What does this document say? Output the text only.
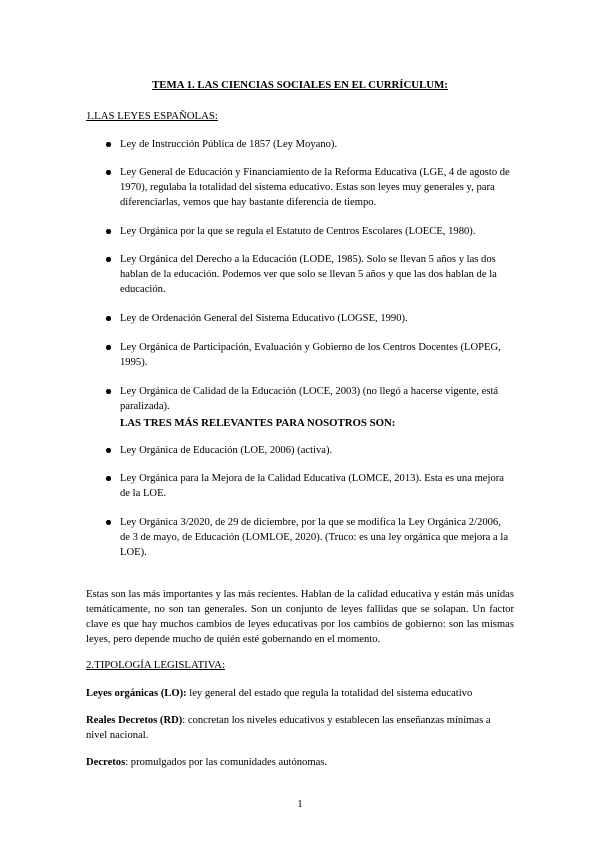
TEMA 1. LAS CIENCIAS SOCIALES EN EL CURRÍCULUM:
1.LAS LEYES ESPAÑOLAS:
Ley de Instrucción Pública de 1857 (Ley Moyano).
Ley General de Educación y Financiamiento de la Reforma Educativa (LGE, 4 de agosto de 1970), regulaba la totalidad del sistema educativo. Estas son leyes muy generales y, para diferenciarlas, vemos que hay bastante diferencia de tiempo.
Ley Orgánica por la que se regula el Estatuto de Centros Escolares (LOECE, 1980).
Ley Orgánica del Derecho a la Educación (LODE, 1985). Solo se llevan 5 años y las dos hablan de la educación. Podemos ver que solo se llevan 5 años y que las dos hablan de la educación.
Ley de Ordenación General del Sistema Educativo (LOGSE, 1990).
Ley Orgánica de Participación, Evaluación y Gobierno de los Centros Docentes (LOPEG, 1995).
Ley Orgánica de Calidad de la Educación (LOCE, 2003) (no llegó a hacerse vigente, está paralizada).

LAS TRES MÁS RELEVANTES PARA NOSOTROS SON:

Ley Orgánica de Educación (LOE, 2006) (activa).
Ley Orgánica para la Mejora de la Calidad Educativa (LOMCE, 2013). Esta es una mejora de la LOE.
Ley Orgánica 3/2020, de 29 de diciembre, por la que se modifica la Ley Orgánica 2/2006, de 3 de mayo, de Educación (LOMLOE, 2020). (Truco: es una ley orgánica que mejora a la LOE).

Estas son las más importantes y las más recientes. Hablan de la calidad educativa y están más unidas temáticamente, no son tan generales. Son un conjunto de leyes fallidas que se solapan. Un factor clave es que hay muchos cambios de leyes educativas por los cambios de gobierno: son las mismas leyes, pero depende mucho de quién esté gobernando en el momento.

2.TIPOLOGÍA LEGISLATIVA:

Leyes orgánicas (LO): ley general del estado que regula la totalidad del sistema educativo

Reales Decretos (RD): concretan los niveles educativos y establecen las enseñanzas mínimas a nivel nacional.

Decretos: promulgados por las comunidades autónomas.

1
